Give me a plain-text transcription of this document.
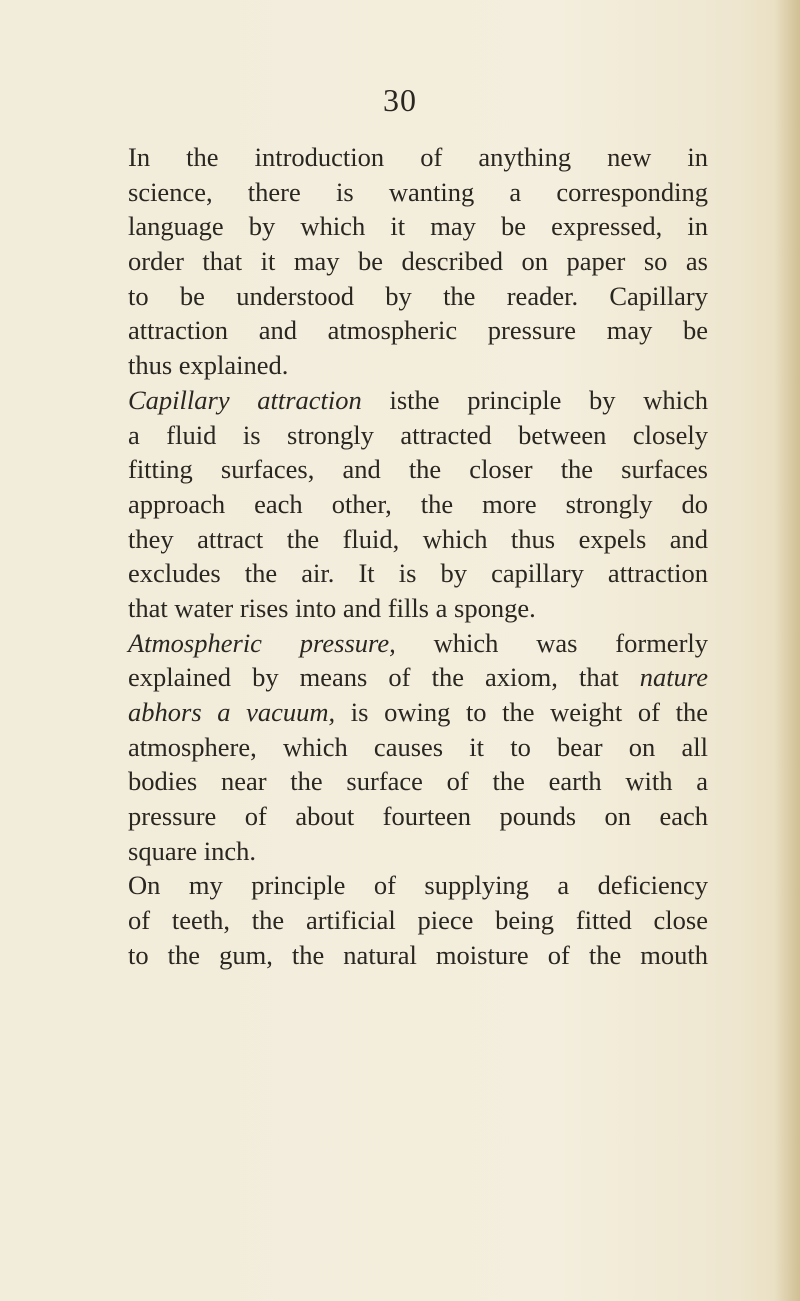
30
In the introduction of anything new in
science, there is wanting a corresponding
language by which it may be expressed, in
order that it may be described on paper so as
to be understood by the reader. Capillary
attraction and atmospheric pressure may be
thus explained.
Capillary attraction isthe principle by which
a fluid is strongly attracted between closely
fitting surfaces, and the closer the surfaces
approach each other, the more strongly do
they attract the fluid, which thus expels and
excludes the air. It is by capillary attraction
that water rises into and fills a sponge.
Atmospheric pressure, which was formerly
explained by means of the axiom, that nature
abhors a vacuum, is owing to the weight of the
atmosphere, which causes it to bear on all
bodies near the surface of the earth with a
pressure of about fourteen pounds on each
square inch.
On my principle of supplying a deficiency
of teeth, the artificial piece being fitted close
to the gum, the natural moisture of the mouth
